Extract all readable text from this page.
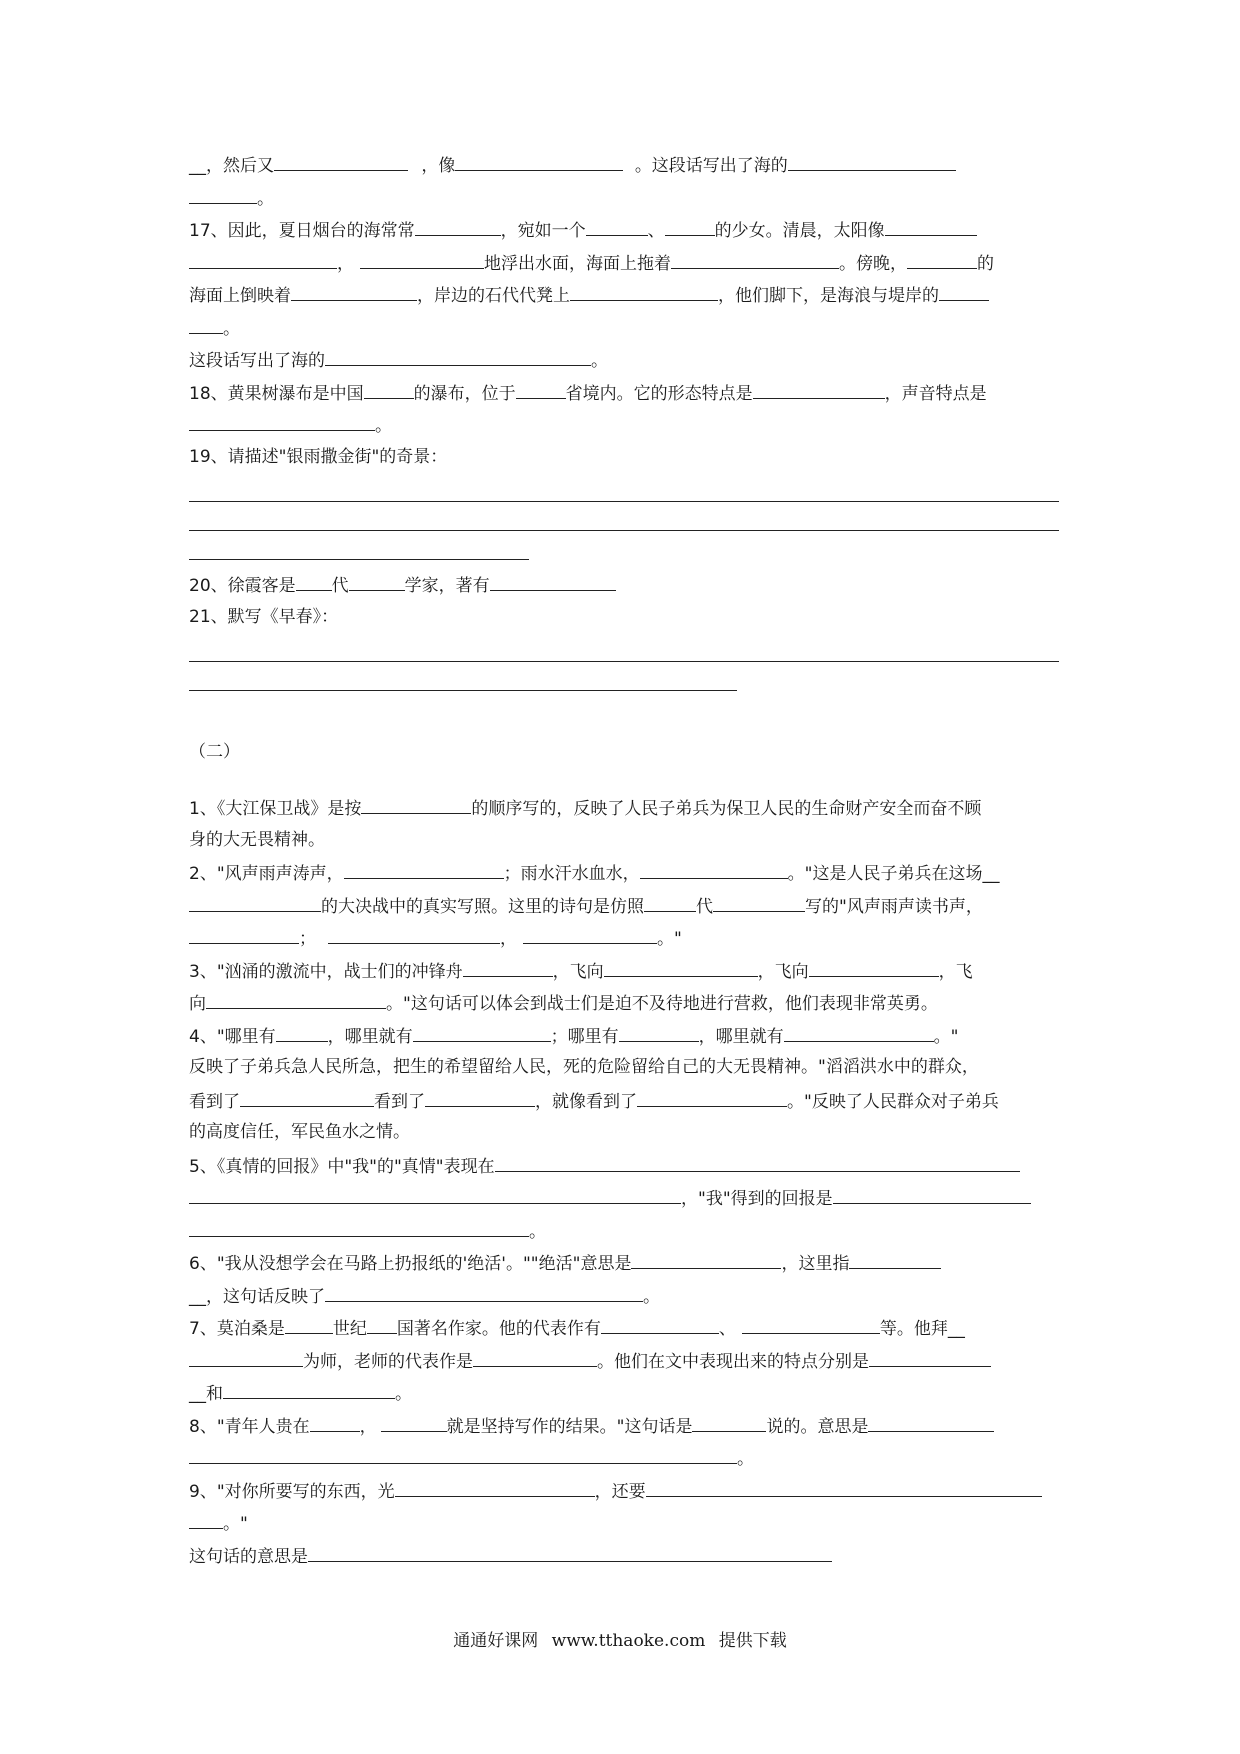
__，然后又	，像	。这段话写出了海的
。
17、因此，夏日烟台的海常常	，宛如一个	、	的少女。清晨，太阳像
，	地浮出水面，海面上拖着	。傍晚，	的
海面上倒映着	，岸边的石代代凳上	，他们脚下，是海浪与堤岸的
。
这段话写出了海的	。
18、黄果树瀑布是中国	的瀑布，位于	省境内。它的形态特点是	，声音特点是
。
19、请描述"银雨撒金街"的奇景：
20、徐霞客是 代	学家，著有
21、默写《早春》：
（二）
1、《大江保卫战》是按	的顺序写的，反映了人民子弟兵为保卫人民的生命财产安全而奋不顾
身的大无畏精神。
2、"风声雨声涛声，	；雨水汗水血水，	。"这是人民子弟兵在这场__
的大决战中的真实写照。这里的诗句是仿照	代	写的"风声雨声读书声，
；	，	。"
3、"汹涌的激流中，战士们的冲锋舟	，飞向	，飞向	，飞
向	。"这句话可以体会到战士们是迫不及待地进行营救，他们表现非常英勇。
4、"哪里有	，哪里就有	；哪里有	，哪里就有	。"
反映了子弟兵急人民所急，把生的希望留给人民，死的危险留给自己的大无畏精神。"滔滔洪水中的群众，
看到了	看到了	，就像看到了	。"反映了人民群众对子弟兵
的高度信任，军民鱼水之情。
5、《真情的回报》中"我"的"真情"表现在
，"我"得到的回报是
。
6、"我从没想学会在马路上扔报纸的'绝活'。""绝活"意思是	，这里指
__，这句话反映了	。
7、莫泊桑是	世纪 国著名作家。他的代表作有	、	等。他拜__
为师，老师的代表作是	。他们在文中表现出来的特点分别是
__和	。
8、"青年人贵在	，	就是坚持写作的结果。"这句话是	说的。意思是
。
9、"对你所要写的东西，光	，还要
。"
这句话的意思是
通通好课网 www.tthaoke.com 提供下载
